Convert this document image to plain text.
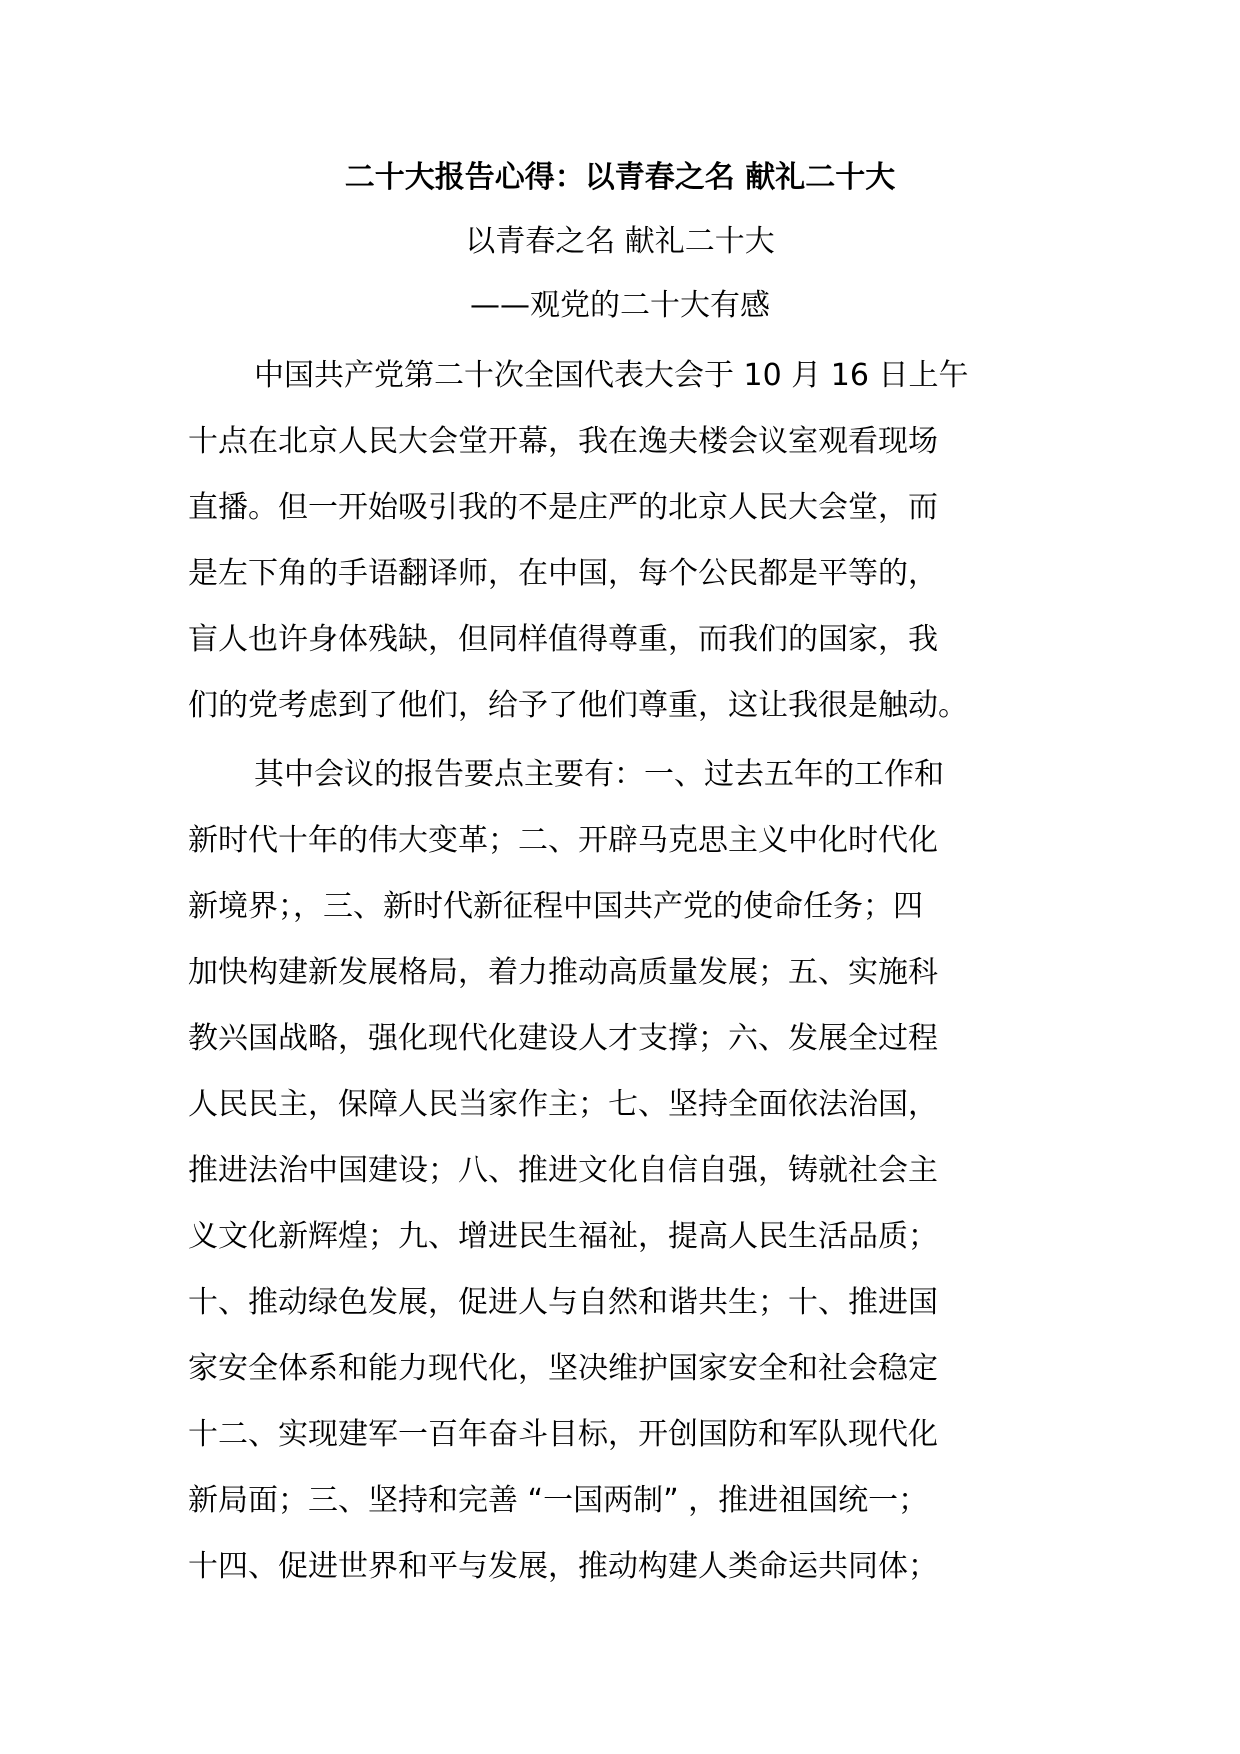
二十大报告心得：以青春之名 献礼二十大
以青春之名 献礼二十大
——观党的二十大有感
中国共产党第二十次全国代表大会于 10 月 16 日上午
十点在北京人民大会堂开幕，我在逸夫楼会议室观看现场
直播。但一开始吸引我的不是庄严的北京人民大会堂，而
是左下角的手语翻译师，在中国，每个公民都是平等的，
盲人也许身体残缺，但同样值得尊重，而我们的国家，我
们的党考虑到了他们，给予了他们尊重，这让我很是触动。
其中会议的报告要点主要有：一、过去五年的工作和
新时代十年的伟大变革；二、开辟马克思主义中化时代化
新境界；，三、新时代新征程中国共产党的使命任务；四
加快构建新发展格局，着力推动高质量发展；五、实施科
教兴国战略，强化现代化建设人才支撑；六、发展全过程
人民民主，保障人民当家作主；七、坚持全面依法治国，
推进法治中国建设；八、推进文化自信自强，铸就社会主
义文化新辉煌；九、增进民生福祉，提高人民生活品质；
十、推动绿色发展，促进人与自然和谐共生；十、推进国
家安全体系和能力现代化，坚决维护国家安全和社会稳定
十二、实现建军一百年奋斗目标，开创国防和军队现代化
新局面；三、坚持和完善 “一国两制” ，推进祖国统一；
十四、促进世界和平与发展，推动构建人类命运共同体；
